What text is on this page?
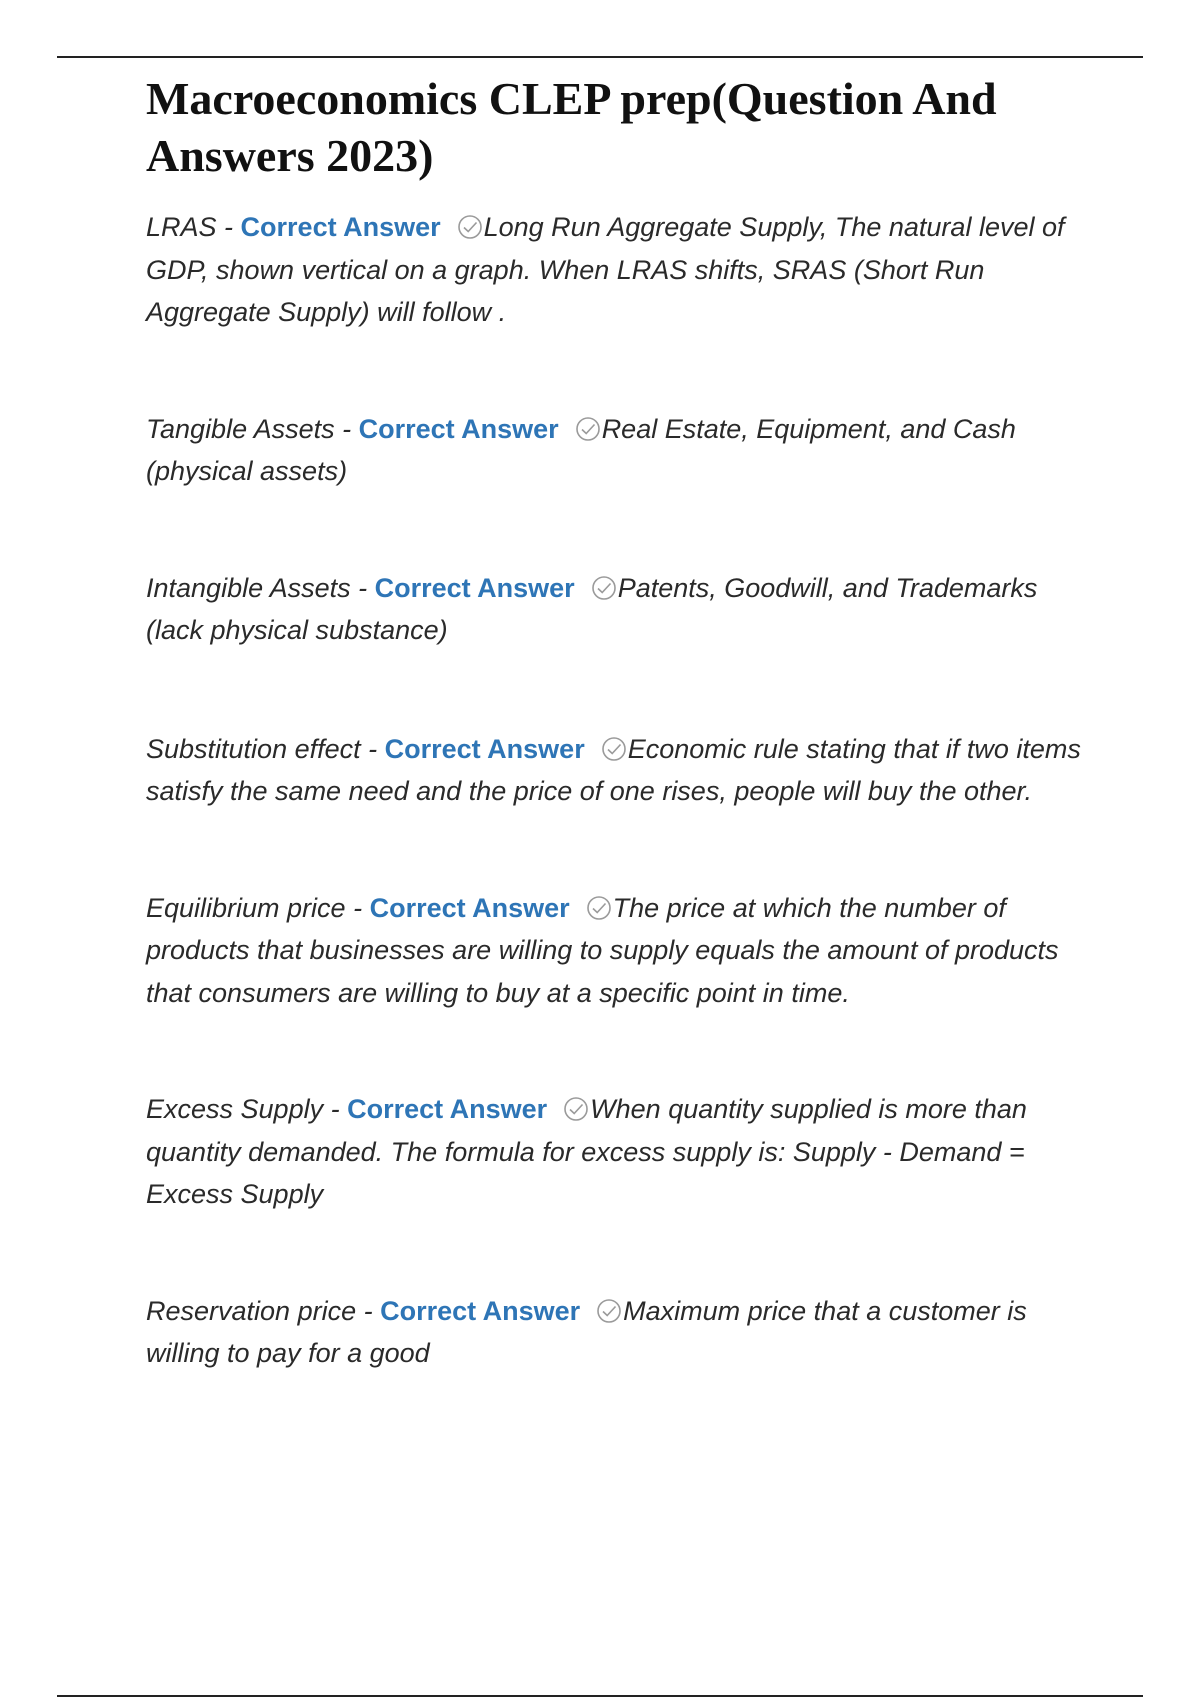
Macroeconomics CLEP prep(Question And Answers 2023)

LRAS - Correct Answer Long Run Aggregate Supply, The natural level of GDP, shown vertical on a graph. When LRAS shifts, SRAS (Short Run Aggregate Supply) will follow .

Tangible Assets - Correct Answer Real Estate, Equipment, and Cash (physical assets)

Intangible Assets - Correct Answer Patents, Goodwill, and Trademarks (lack physical substance)

Substitution effect - Correct Answer Economic rule stating that if two items satisfy the same need and the price of one rises, people will buy the other.

Equilibrium price - Correct Answer The price at which the number of products that businesses are willing to supply equals the amount of products that consumers are willing to buy at a specific point in time.

Excess Supply - Correct Answer When quantity supplied is more than quantity demanded. The formula for excess supply is: Supply - Demand = Excess Supply

Reservation price - Correct Answer Maximum price that a customer is willing to pay for a good
